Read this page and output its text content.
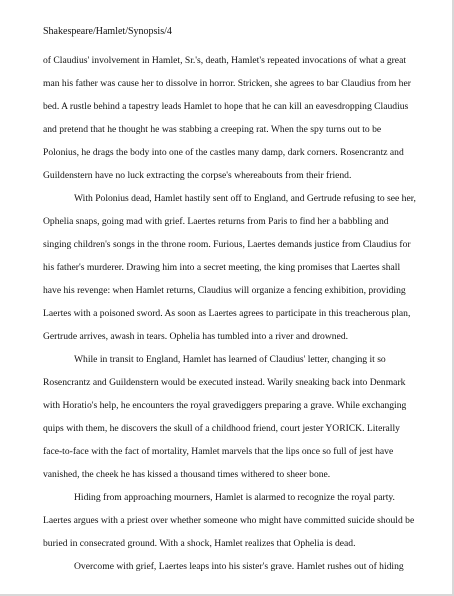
Shakespeare/Hamlet/Synopsis/4
of Claudius' involvement in Hamlet, Sr.'s, death, Hamlet's repeated invocations of what a great
man his father was cause her to dissolve in horror. Stricken, she agrees to bar Claudius from her
bed. A rustle behind a tapestry leads Hamlet to hope that he can kill an eavesdropping Claudius
and pretend that he thought he was stabbing a creeping rat. When the spy turns out to be
Polonius, he drags the body into one of the castles many damp, dark corners. Rosencrantz and
Guildenstern have no luck extracting the corpse's whereabouts from their friend.
With Polonius dead, Hamlet hastily sent off to England, and Gertrude refusing to see her,
Ophelia snaps, going mad with grief. Laertes returns from Paris to find her a babbling and
singing children's songs in the throne room. Furious, Laertes demands justice from Claudius for
his father's murderer. Drawing him into a secret meeting, the king promises that Laertes shall
have his revenge: when Hamlet returns, Claudius will organize a fencing exhibition, providing
Laertes with a poisoned sword. As soon as Laertes agrees to participate in this treacherous plan,
Gertrude arrives, awash in tears. Ophelia has tumbled into a river and drowned.
While in transit to England, Hamlet has learned of Claudius' letter, changing it so
Rosencrantz and Guildenstern would be executed instead. Warily sneaking back into Denmark
with Horatio's help, he encounters the royal gravediggers preparing a grave. While exchanging
quips with them, he discovers the skull of a childhood friend, court jester YORICK. Literally
face-to-face with the fact of mortality, Hamlet marvels that the lips once so full of jest have
vanished, the cheek he has kissed a thousand times withered to sheer bone.
Hiding from approaching mourners, Hamlet is alarmed to recognize the royal party.
Laertes argues with a priest over whether someone who might have committed suicide should be
buried in consecrated ground. With a shock, Hamlet realizes that Ophelia is dead.
Overcome with grief, Laertes leaps into his sister's grave. Hamlet rushes out of hiding
